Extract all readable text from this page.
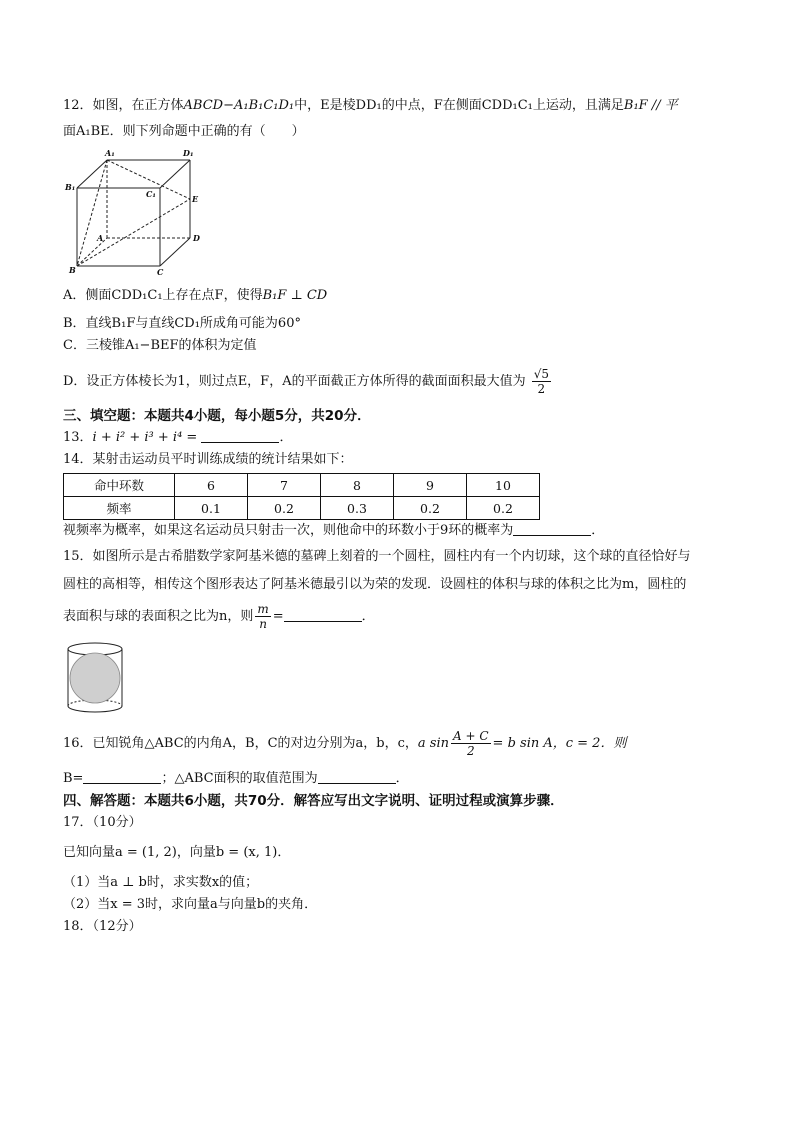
12．如图，在正方体ABCD−A₁B₁C₁D₁中，E是棱DD₁的中点，F在侧面CDD₁C₁上运动，且满足B₁F // 平
面A₁BE．则下列命题中正确的有（　　）
A₁	D₁
B₁
C₁	E
A	D
B	C
A．侧面CDD₁C₁上存在点F，使得B₁F ⊥ CD
B．直线B₁F与直线CD₁所成角可能为60°
C．三棱锥A₁−BEF的体积为定值
D．设正方体棱长为1，则过点E，F，A的平面截正方体所得的截面面积最大值为 $\frac{√5}{2}$
三、填空题：本题共4小题，每小题5分，共20分．
13．i + i² + i³ + i⁴ =	．
14．某射击运动员平时训练成绩的统计结果如下：
命中环数	6	7	8	9	10
频率	0.1	0.2	0.3	0.2	0.2
视频率为概率，如果这名运动员只射击一次，则他命中的环数小于9环的概率为	．
15．如图所示是古希腊数学家阿基米德的墓碑上刻着的一个圆柱，圆柱内有一个内切球，这个球的直径恰好与
圆柱的高相等，相传这个图形表达了阿基米德最引以为荣的发现．设圆柱的体积与球的体积之比为m，圆柱的
表面积与球的表面积之比为n，则 $\frac{m}{n}$ =	．
16．已知锐角△ABC的内角A，B，C的对边分别为a，b，c，a $\sin \frac{A + C}{2} = b$ sin A，c = 2．则
B=	；△ABC面积的取值范围为	．
四、解答题：本题共6小题，共70分．解答应写出文字说明、证明过程或演算步骤．
17．（10分）
已知向量a = (1, 2)，向量b = (x, 1)．
（1）当a ⊥ b时，求实数x的值；
（2）当x = 3时，求向量a与向量b的夹角．
18．（12分）
